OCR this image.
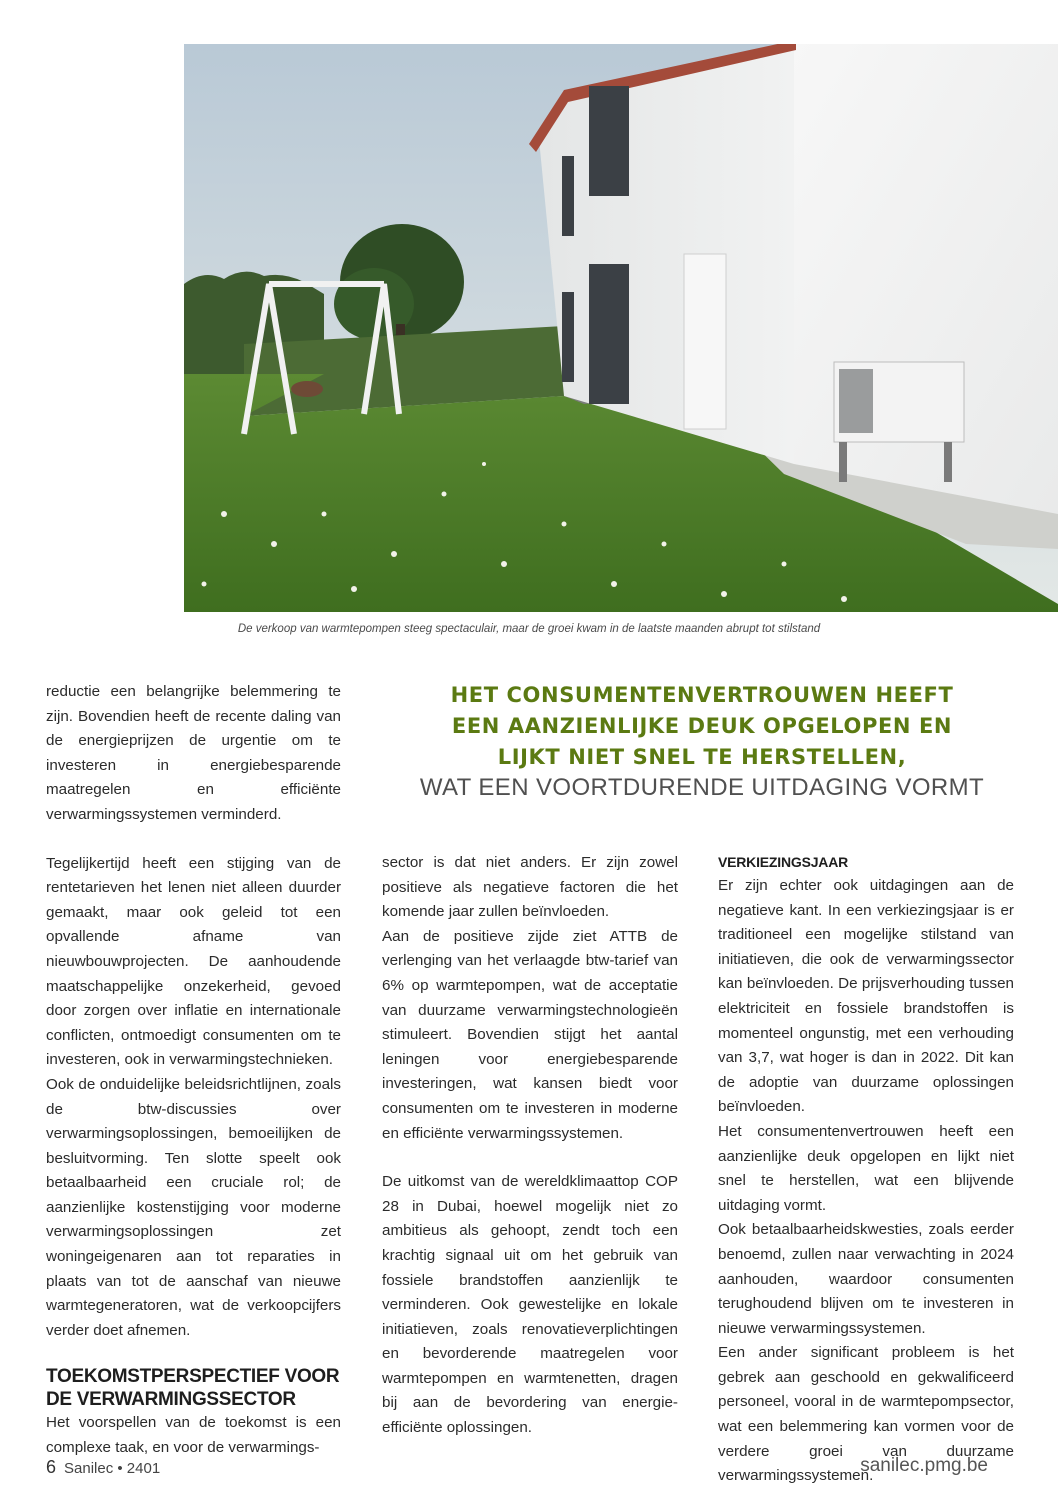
De verkoop van warmtepompen steeg spectaculair, maar de groei kwam in de laatste maanden abrupt tot stilstand

reductie een belangrijke belemmering te zijn. Bovendien heeft de recente daling van de energieprijzen de urgentie om te investeren in energiebesparende maatregelen en efficiënte verwarmingssystemen verminderd.

Tegelijkertijd heeft een stijging van de rentetarieven het lenen niet alleen duurder gemaakt, maar ook geleid tot een opvallende afname van nieuwbouwprojecten. De aanhoudende maatschappelijke onzekerheid, gevoed door zorgen over inflatie en internationale conflicten, ontmoedigt consumenten om te investeren, ook in verwarmingstechnieken.

Ook de onduidelijke beleidsrichtlijnen, zoals de btw-discussies over verwarmingsoplossingen, bemoeilijken de besluitvorming. Ten slotte speelt ook betaalbaarheid een cruciale rol; de aanzienlijke kostenstijging voor moderne verwarmingsoplossingen zet woningeigenaren aan tot reparaties in plaats van tot de aanschaf van nieuwe warmtegeneratoren, wat de verkoopcijfers verder doet afnemen.

TOEKOMSTPERSPECTIEF VOOR DE VERWARMINGSSECTOR

Het voorspellen van de toekomst is een complexe taak, en voor de verwarmings-

HET CONSUMENTENVERTROUWEN HEEFT
EEN AANZIENLIJKE DEUK OPGELOPEN EN
LIJKT NIET SNEL TE HERSTELLEN,
WAT EEN VOORTDURENDE UITDAGING VORMT

sector is dat niet anders. Er zijn zowel positieve als negatieve factoren die het komende jaar zullen beïnvloeden.

Aan de positieve zijde ziet ATTB de verlenging van het verlaagde btw-tarief van 6% op warmtepompen, wat de acceptatie van duurzame verwarmingstechnologieën stimuleert. Bovendien stijgt het aantal leningen voor energiebesparende investeringen, wat kansen biedt voor consumenten om te investeren in moderne en efficiënte verwarmingssystemen.

De uitkomst van de wereldklimaattop COP 28 in Dubai, hoewel mogelijk niet zo ambitieus als gehoopt, zendt toch een krachtig signaal uit om het gebruik van fossiele brandstoffen aanzienlijk te verminderen. Ook gewestelijke en lokale initiatieven, zoals renovatieverplichtingen en bevorderende maatregelen voor warmtepompen en warmtenetten, dragen bij aan de bevordering van energie-efficiënte oplossingen.

VERKIEZINGSJAAR

Er zijn echter ook uitdagingen aan de negatieve kant. In een verkiezingsjaar is er traditioneel een mogelijke stilstand van initiatieven, die ook de verwarmingssector kan beïnvloeden. De prijsverhouding tussen elektriciteit en fossiele brandstoffen is momenteel ongunstig, met een verhouding van 3,7, wat hoger is dan in 2022. Dit kan de adoptie van duurzame oplossingen beïnvloeden.

Het consumentenvertrouwen heeft een aanzienlijke deuk opgelopen en lijkt niet snel te herstellen, wat een blijvende uitdaging vormt.

Ook betaalbaarheidskwesties, zoals eerder benoemd, zullen naar verwachting in 2024 aanhouden, waardoor consumenten terughoudend blijven om te investeren in nieuwe verwarmingssystemen.

Een ander significant probleem is het gebrek aan geschoold en gekwalificeerd personeel, vooral in de warmtepompsector, wat een belemmering kan vormen voor de verdere groei van duurzame verwarmingssystemen.

6 Sanilec • 2401	sanilec.pmg.be
